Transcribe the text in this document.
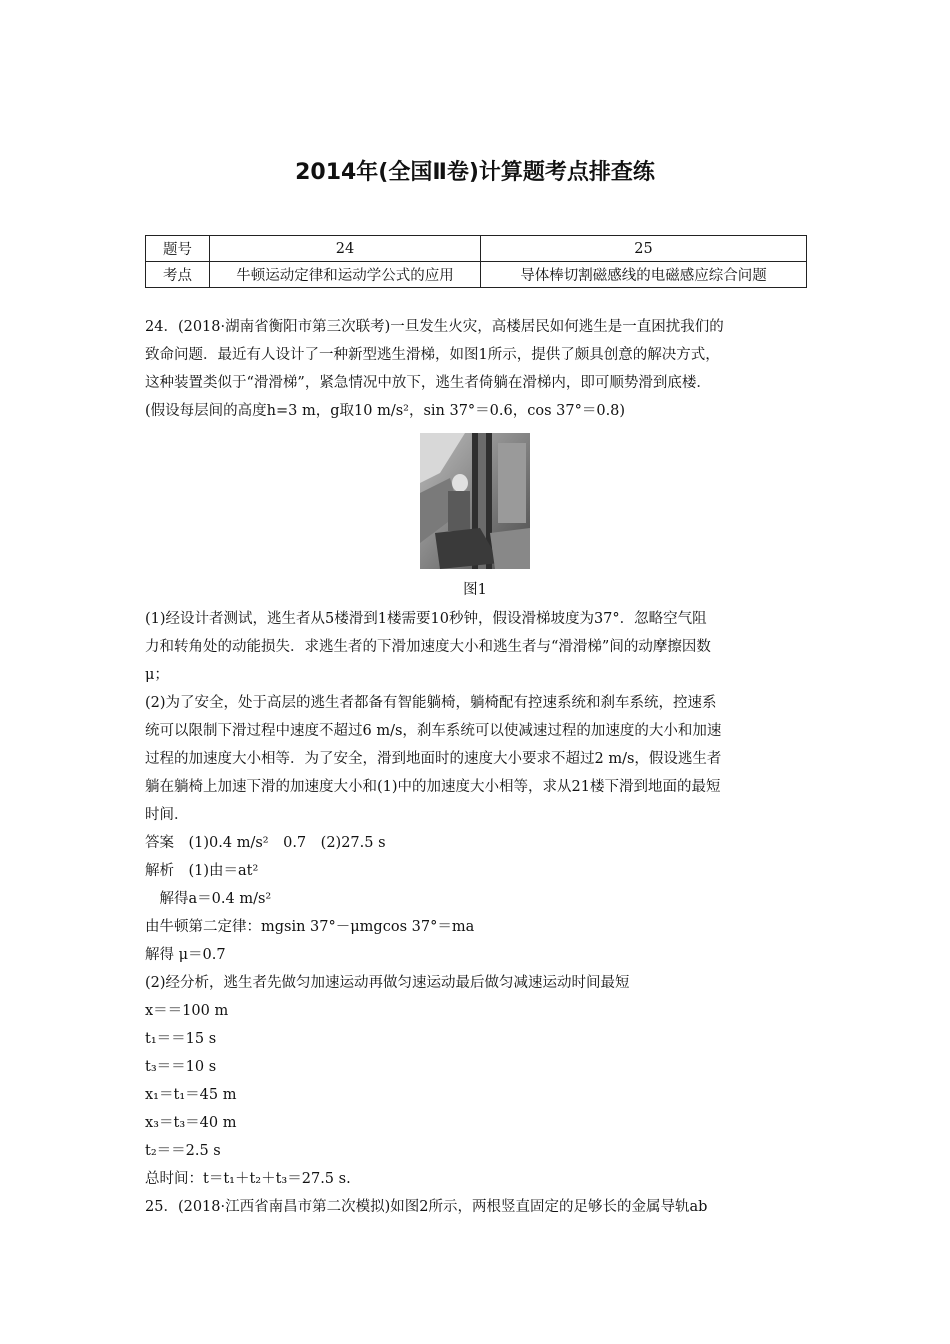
2014年(全国Ⅱ卷)计算题考点排查练
题号	24	25
考点	牛顿运动定律和运动学公式的应用	导体棒切割磁感线的电磁感应综合问题
24．(2018·湖南省衡阳市第三次联考)一旦发生火灾，高楼居民如何逃生是一直困扰我们的
致命问题．最近有人设计了一种新型逃生滑梯，如图1所示，提供了颇具创意的解决方式，
这种装置类似于“滑滑梯”，紧急情况中放下，逃生者倚躺在滑梯内，即可顺势滑到底楼．
(假设每层间的高度h=3 m，g取10 m/s²，sin 37°＝0.6，cos 37°＝0.8)
图1
(1)经设计者测试，逃生者从5楼滑到1楼需要10秒钟，假设滑梯坡度为37°．忽略空气阻
力和转角处的动能损失．求逃生者的下滑加速度大小和逃生者与“滑滑梯”间的动摩擦因数
μ；
(2)为了安全，处于高层的逃生者都备有智能躺椅，躺椅配有控速系统和刹车系统，控速系
统可以限制下滑过程中速度不超过6 m/s，刹车系统可以使减速过程的加速度的大小和加速
过程的加速度大小相等．为了安全，滑到地面时的速度大小要求不超过2 m/s，假设逃生者
躺在躺椅上加速下滑的加速度大小和(1)中的加速度大小相等，求从21楼下滑到地面的最短
时间．
答案　(1)0.4 m/s²　0.7　(2)27.5 s
解析　(1)由＝at²
　解得a＝0.4 m/s²
由牛顿第二定律：mgsin 37°－μmgcos 37°＝ma
解得 μ＝0.7
(2)经分析，逃生者先做匀加速运动再做匀速运动最后做匀减速运动时间最短
x＝＝100 m
t₁＝＝15 s
t₃＝＝10 s
x₁＝t₁＝45 m
x₃＝t₃＝40 m
t₂＝＝2.5 s
总时间：t＝t₁＋t₂＋t₃＝27.5 s.
25．(2018·江西省南昌市第二次模拟)如图2所示，两根竖直固定的足够长的金属导轨ab
